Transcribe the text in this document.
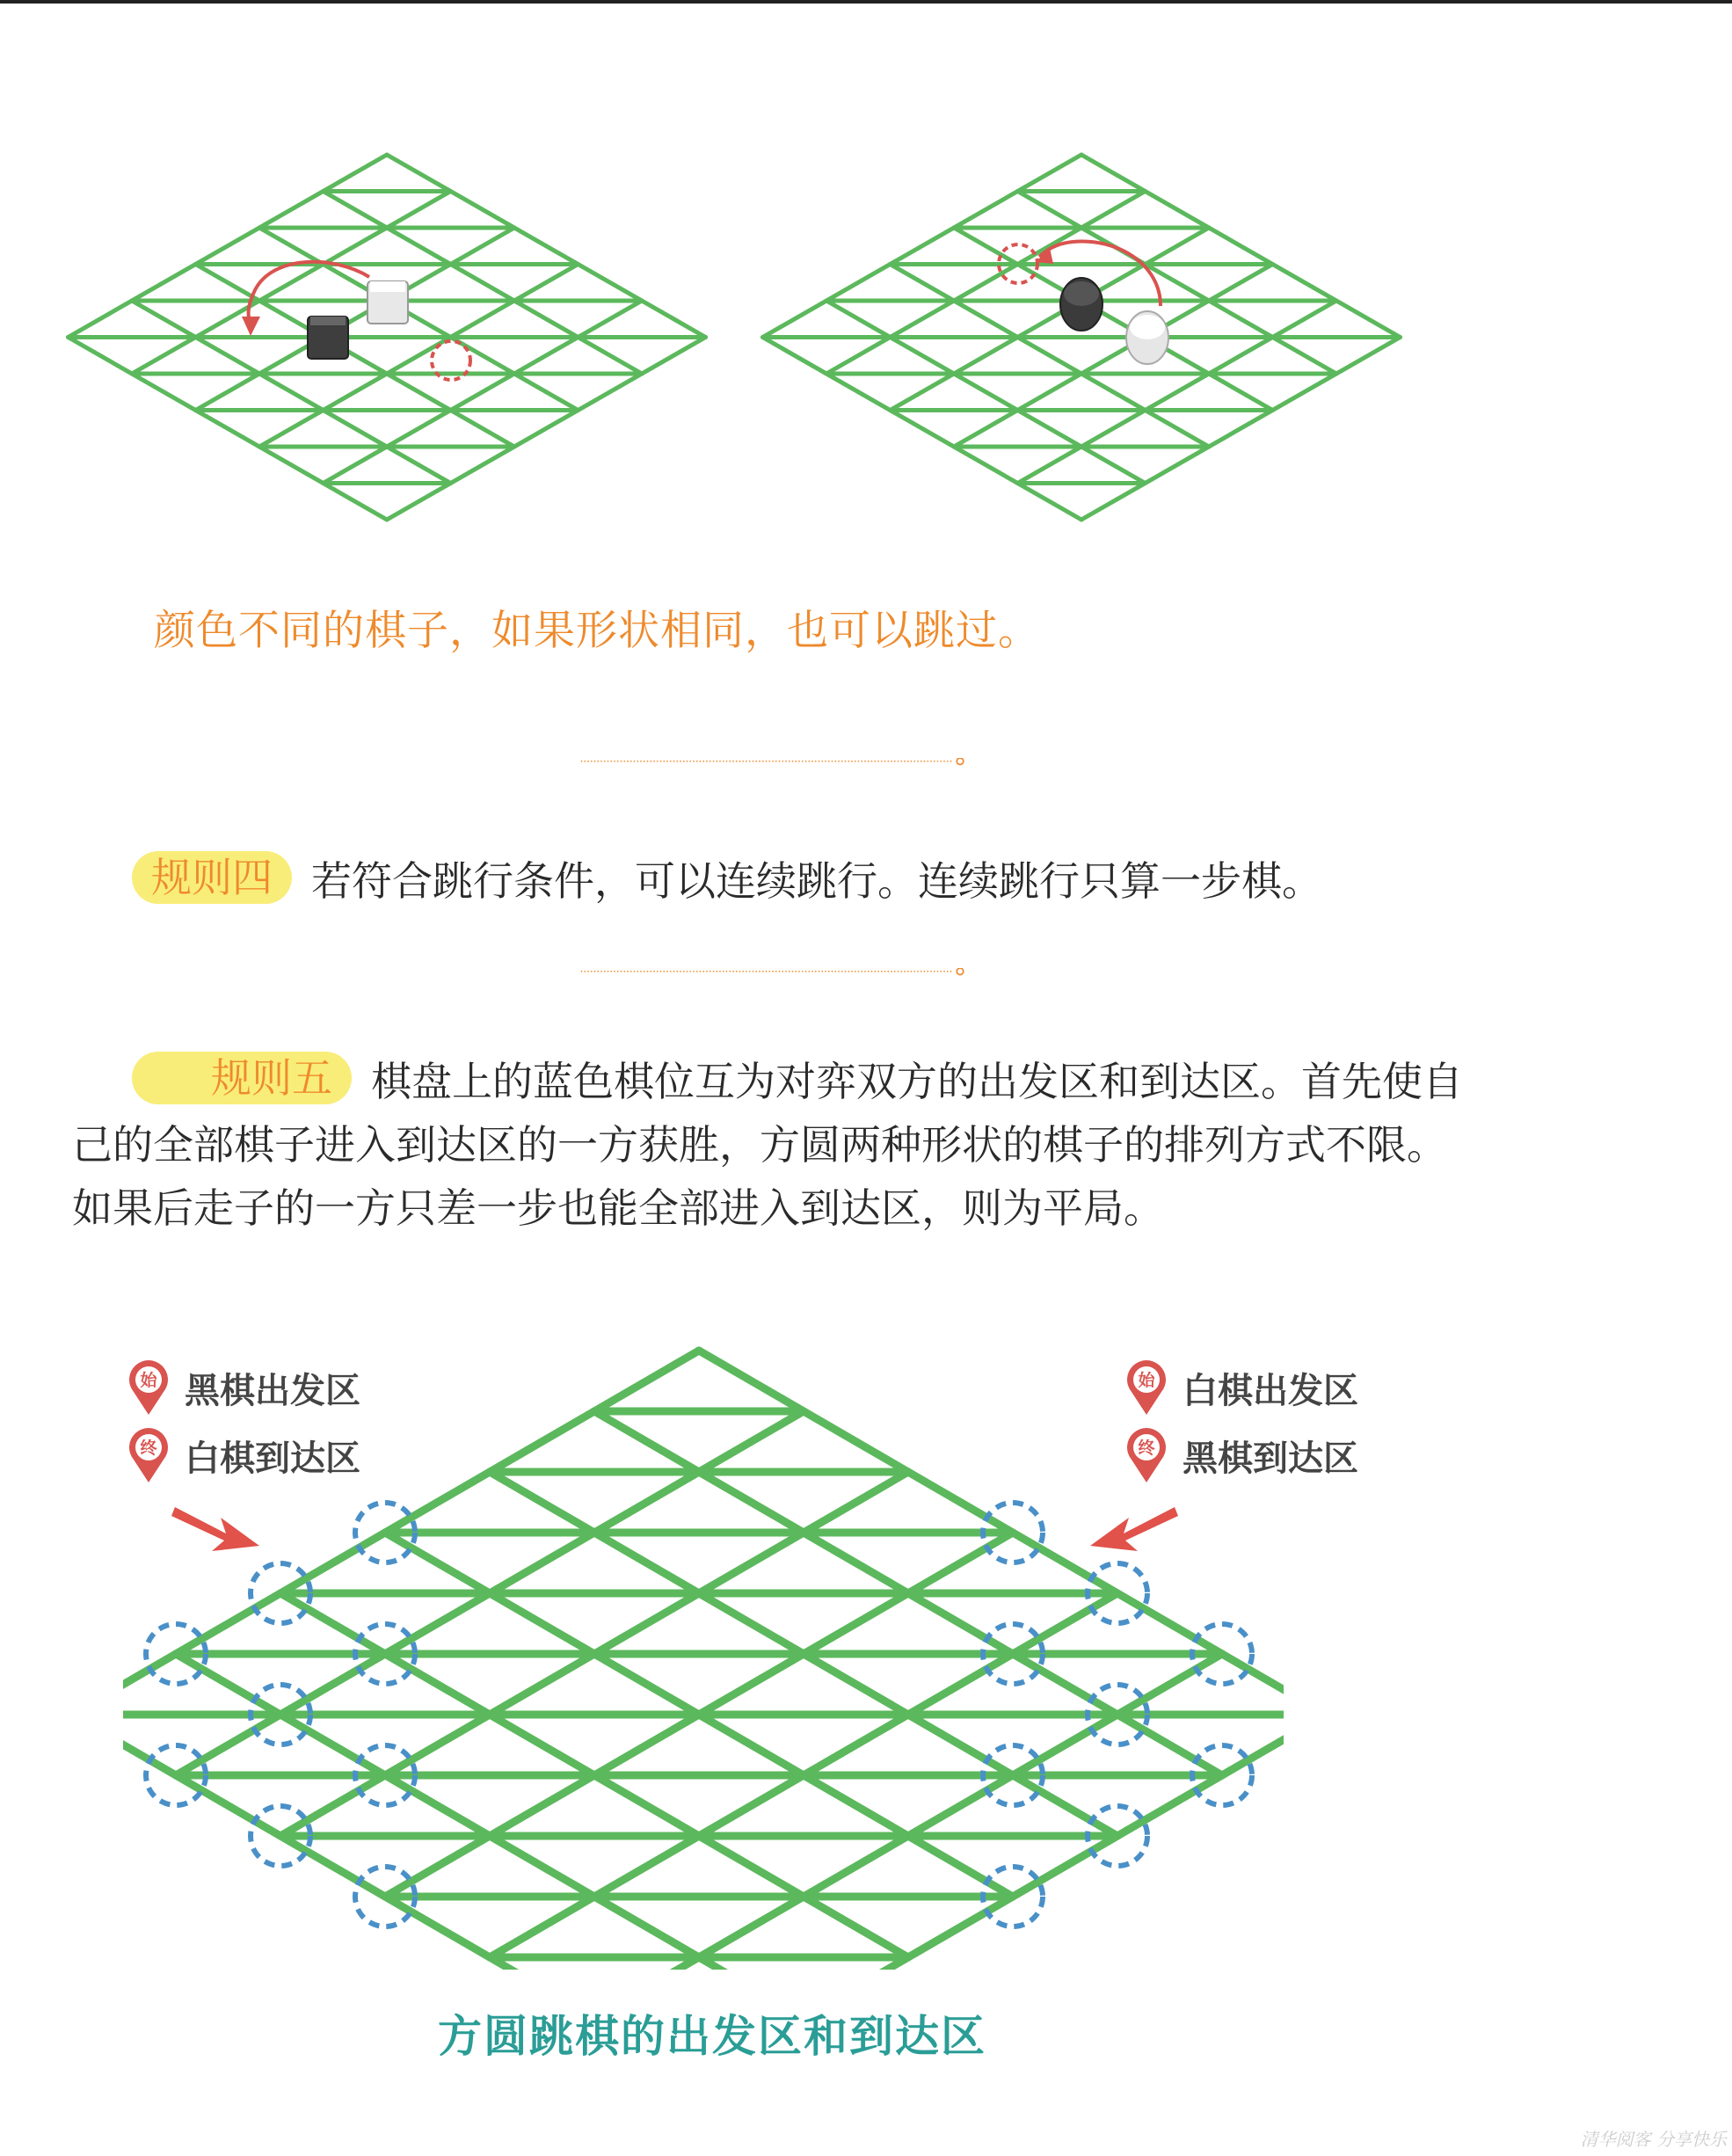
颜色不同的棋子，如果形状相同，也可以跳过。
规则四 若符合跳行条件，可以连续跳行。连续跳行只算一步棋。
规则五 棋盘上的蓝色棋位互为对弈双方的出发区和到达区。首先使自己的全部棋子进入到达区的一方获胜，方圆两种形状的棋子的排列方式不限。如果后走子的一方只差一步也能全部进入到达区，则为平局。
始 黑棋出发区
终 白棋到达区
始 白棋出发区
终 黑棋到达区
方圆跳棋的出发区和到达区
清华阅客 分享快乐
